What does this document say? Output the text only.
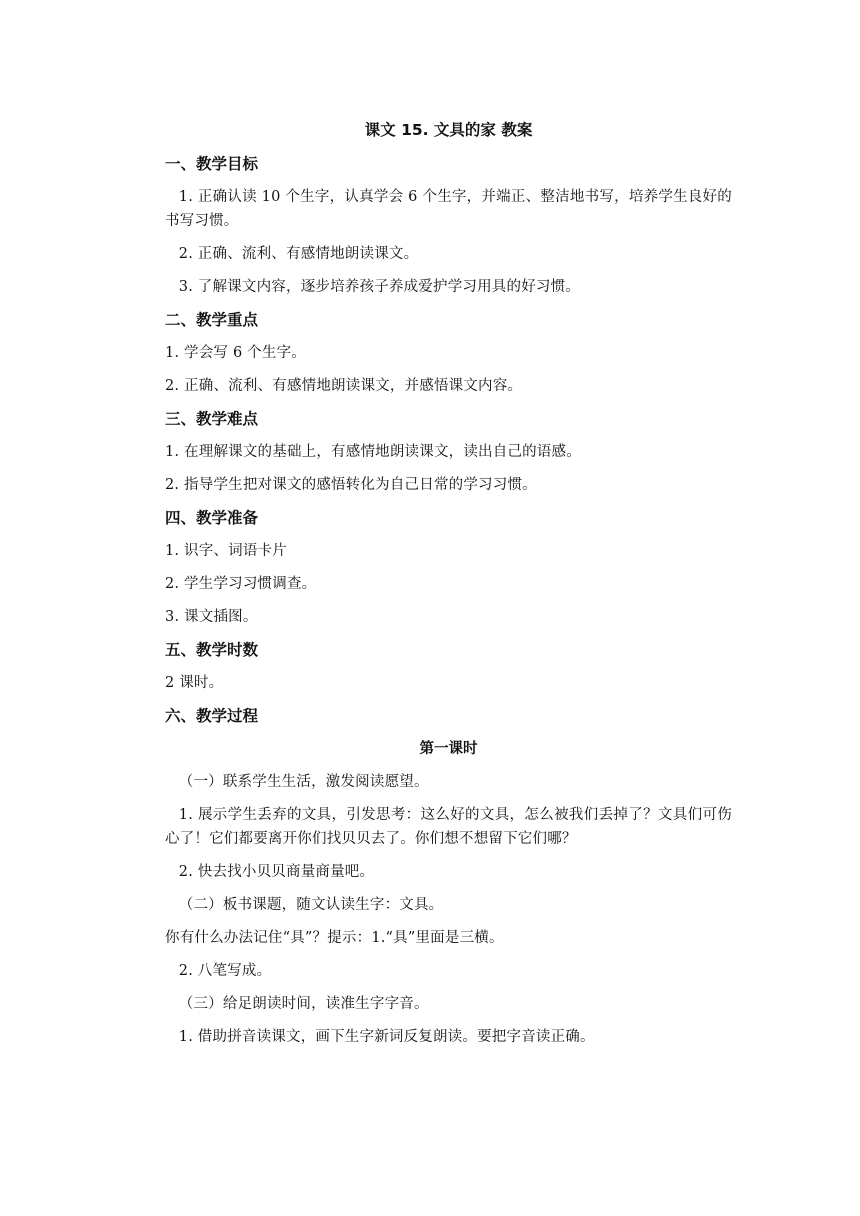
课文 15. 文具的家 教案
一、教学目标

1. 正确认读 10 个生字，认真学会 6 个生字，并端正、整洁地书写，培养学生良好的书写习惯。

2. 正确、流利、有感情地朗读课文。

3. 了解课文内容，逐步培养孩子养成爱护学习用具的好习惯。

二、教学重点

1. 学会写 6 个生字。

2. 正确、流利、有感情地朗读课文，并感悟课文内容。

三、教学难点

1. 在理解课文的基础上，有感情地朗读课文，读出自己的语感。

2. 指导学生把对课文的感悟转化为自己日常的学习习惯。

四、教学准备

1. 识字、词语卡片

2. 学生学习习惯调查。

3. 课文插图。

五、教学时数

2 课时。

六、教学过程
第一课时

（一）联系学生生活，激发阅读愿望。

1. 展示学生丢弃的文具，引发思考：这么好的文具，怎么被我们丢掉了？文具们可伤心了！它们都要离开你们找贝贝去了。你们想不想留下它们哪？

2. 快去找小贝贝商量商量吧。

（二）板书课题，随文认读生字：文具。

你有什么办法记住“具”？提示：1.“具”里面是三横。

2. 八笔写成。

（三）给足朗读时间，读准生字字音。

1. 借助拼音读课文，画下生字新词反复朗读。要把字音读正确。
